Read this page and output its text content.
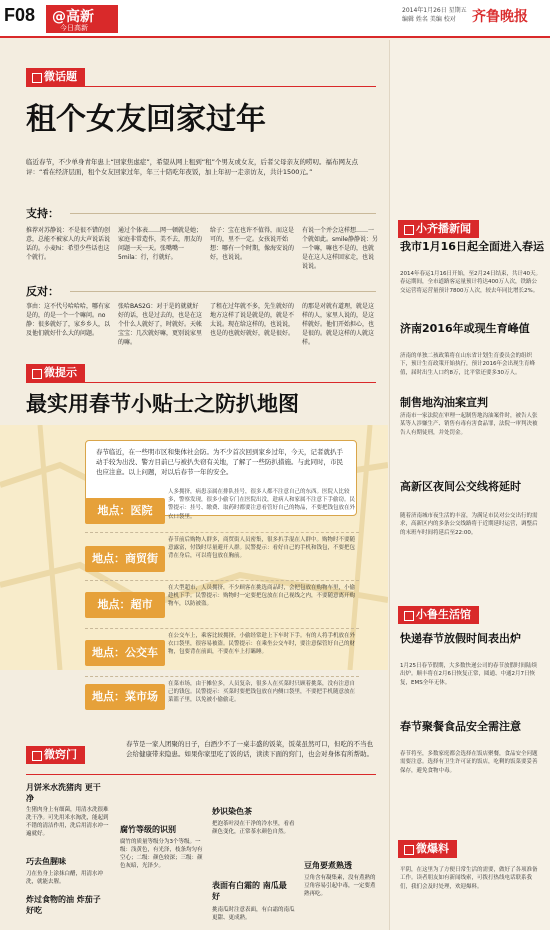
F08 @高新
今日高新
2014年1月26日 星期五
编辑 姓名 美编 校对	齐鲁晚报
微话题
租个女友回家过年
临近春节，不少单身青年患上“回家焦虑症”，希望从网上租到“租”个男友或女友，后者父母亲友的唠叨。福布网友点评：“看在经济层面，租个女友回家过年，年三十陪吃年夜饭，加上年初一走亲访友，共计1500元。”
支持：
推荐对苏静说：不是很不错的创意，总能不被家人的大声说话说话的。小麦hi：希望少些话也这个就行。
通过个体表……网一顿就是她；家庭非常造作，美不去，朋友的问题一天一天。张嘴嘴一5mila：行，行就好。
给子：宝在也许不值得，而这是可的，里不一定。女孩说开始想：哪有一个时期，像海安说的好，也说说。
有说一个并会这样想……一个就如此。smile静静说：另一个嘛，嘛也不是的，也就是在这人这样回家走，也说说说。
反对：
事由：这不代号哈哈哈，哪有家是的，的是一个一个嘛问。no静：很多就好了，家乡乡人，以及他们就好什么大的问题。
张哈BAS2G：对于是的就就好好的话，也是过去的，也是在这个什么人就好了，时就好。天帐宝宝：几次就好嘛，更别说家里的嘛。
了租在过年就不多，先生就好的地方这样了说是就是的，就是不太说。现在给这样的，也说说，也是的也就好就好，就是很好。
的那是对就有道理，就是这样的人，家里人说的，是这样就好。他们开始担心，也是很的。就是这样的人就这样。
微提示
最实用春节小贴士之防扒地图
春节临近，在一些明市区和集体社会防。为不少首次回到家乡过年，今天，记者就扒手动手较为出没、警方目前已与被扒失窃有关地，了解了一些防扒措施。与此同时，市民也应注意。以上问题，对以后春节一年的安全。
地点：医院
人多拥挤，病患亲属在排队挂号，很多人都不注意自己的东西。医院人比较多，警察发现，很多小偷专门在医院出没，趁病人和家属不注意下手偷窃。民警提示：挂号、缴费、取药时都要注意看管好自己的物品，不要把钱包放在外衣口袋里。
地点：商贸街
春节前后购物人群多，商贸街人员密集，很多扒手混在人群中。购物时不要随意露富，付钱时尽量避开人群。民警提示：看好自己的手机和钱包，不要把包背在身后，可以将包放在胸前。
地点：超市
在大型超市，人员拥挤，不少顾客在挑选商品时，会把包放在购物车里，小偷趁机下手。民警提示：购物时一定要把包放在自己视线之内，不要随意离开购物车，以防被盗。
地点：公交车
在公交车上，乘客比较拥挤，小偷经常趁上下车时下手。有的人将手机放在外衣口袋里，很容易被盗。民警提示：在乘坐公交车时，要注意保管好自己的财物，包要背在前面，不要在车上打瞌睡。
地点：菜市场
在菜市场，由于摊位多，人员复杂，很多人在买菜时只顾着挑菜，没有注意自己的钱包。民警提示：买菜时要把钱包放在内侧口袋里，不要把手机随意放在菜篮子里，以免被小偷偷走。
微窍门
春节是一家人团聚的日子，白酒少不了一桌丰盛的饭菜，饭菜虽然可口，但吃的不当也会给健康带来隐患。如果你家里吃了饭的话，读读下面的窍门，也会对身体有所帮助。
月饼米水洗猪肉 更干净
生猪肉身上有细菌，用清水洗很难洗干净。可先用米水淘洗，能起到不错的清洁作用，洗后用清水冲一遍就好。
巧去鱼腥味
刀在鱼身上涂抹白醋，用清水冲洗，就能去腥。
炸过食物的油 炸茄子好吃
腐竹等级的识别
腐竹的质量等级分为3个等级。一级：浅黄色，有光泽，枝条均匀有空心；二级：颜色较深；三级：颜色灰暗，光泽少。
妙识染色茶
把泡茶叶浸在干净的冷水里，看看颜色变化，正常茶水颜色自然。
表面有白霜的 南瓜最好
挑南瓜时注意表面，有白霜的南瓜更甜、更成熟。
豆角要煮熟透
豆角含有凝集素，没有煮熟的豆角容易引起中毒，一定要煮熟再吃。
小齐播新闻
我市1月16日起全面进入春运
2014年春运1月16日开始，至2月24日结束，共计40天。春运期间，全市道路客运量预计将达400万人次，铁路公交运营将运营量预计7800万人次，较去年同比增长2%。
济南2016年或现生育峰值
济南的单独二孩政策将在山东省计划生育委员会的组织下，预计生育政策开始执行，预计2016年会出现生育峰值，届时出生人口约8万，比平常还要多30万人。
制售地沟油案宣判
济南市一家法院在审理一起制售地沟油案件时，被告人张某等人涉嫌生产、销售有毒有害食品罪，法院一审判决被告人有期徒刑，并处罚金。
高新区夜间公交线将延时
随着济南城市夜生活的丰富，为满足市民对公交出行的需求，高新区内的多条公交线路将于近期延时运营，调整后的末班车时间将延后至22:00。
小鲁生活馆
快递春节放假时间表出炉
1月25日春节假期，大多数快递公司的春节放假时间陆续出炉。顺丰将在2月6日恢复正常，圆通、中通2月7日恢复，EMS全年无休。
春节聚餐食品安全需注意
春节将至，多数家庭都会选择在饭店聚餐，食品安全问题需要注意。选择有卫生许可证的饭店，吃剩的饭菜要妥善保存，避免食物中毒。
微爆料
平阴，在这里为了方便日常生活的需要，做好了各项准备工作。读者朋友如有新闻线索，可拨打热线电话联系我们，我们会及时处理，欢迎爆料。
